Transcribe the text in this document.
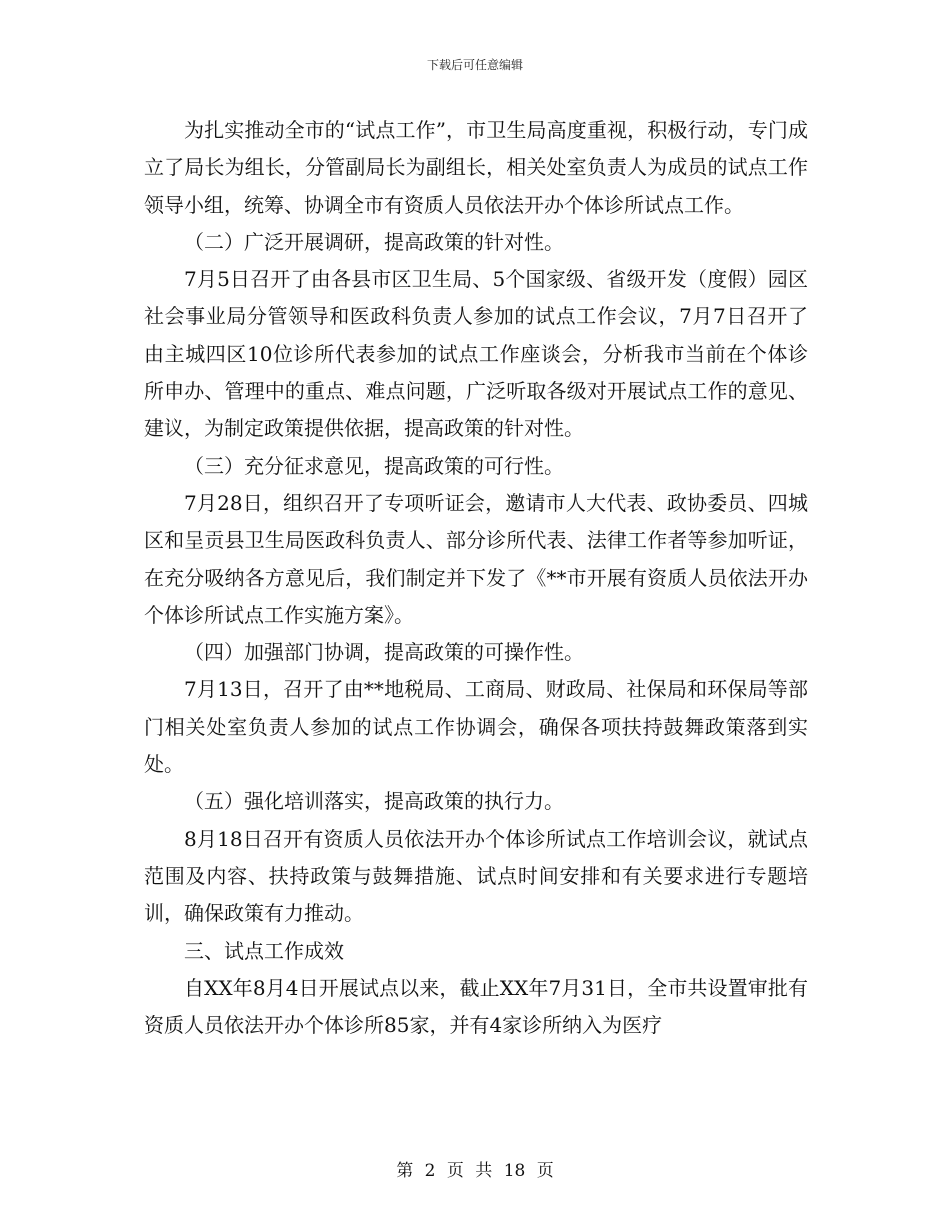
下载后可任意编辑

为扎实推动全市的“试点工作”，市卫生局高度重视，积极行动，专门成立了局长为组长，分管副局长为副组长，相关处室负责人为成员的试点工作领导小组，统筹、协调全市有资质人员依法开办个体诊所试点工作。

（二）广泛开展调研，提高政策的针对性。

7月5日召开了由各县市区卫生局、5个国家级、省级开发（度假）园区社会事业局分管领导和医政科负责人参加的试点工作会议，7月7日召开了由主城四区10位诊所代表参加的试点工作座谈会，分析我市当前在个体诊所申办、管理中的重点、难点问题，广泛听取各级对开展试点工作的意见、建议，为制定政策提供依据，提高政策的针对性。

（三）充分征求意见，提高政策的可行性。

7月28日，组织召开了专项听证会，邀请市人大代表、政协委员、四城区和呈贡县卫生局医政科负责人、部分诊所代表、法律工作者等参加听证，在充分吸纳各方意见后，我们制定并下发了《**市开展有资质人员依法开办个体诊所试点工作实施方案》。

（四）加强部门协调，提高政策的可操作性。

7月13日，召开了由**地税局、工商局、财政局、社保局和环保局等部门相关处室负责人参加的试点工作协调会，确保各项扶持鼓舞政策落到实处。

（五）强化培训落实，提高政策的执行力。

8月18日召开有资质人员依法开办个体诊所试点工作培训会议，就试点范围及内容、扶持政策与鼓舞措施、试点时间安排和有关要求进行专题培训，确保政策有力推动。

三、试点工作成效

自XX年8月4日开展试点以来，截止XX年7月31日，全市共设置审批有资质人员依法开办个体诊所85家，并有4家诊所纳入为医疗

第 2 页 共 18 页
